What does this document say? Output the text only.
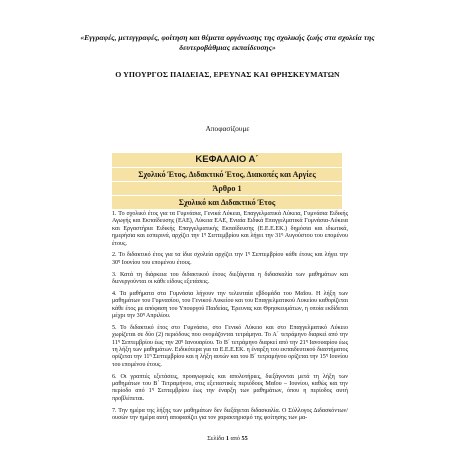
«Εγγραφές, μετεγγραφές, φοίτηση και θέματα οργάνωσης της σχολικής ζωής στα σχολεία της δευτεροβάθμιας εκπαίδευσης»
Ο ΥΠΟΥΡΓΟΣ ΠΑΙΔΕΙΑΣ, ΕΡΕΥΝΑΣ ΚΑΙ ΘΡΗΣΚΕΥΜΑΤΩΝ
Αποφασίζουμε
ΚΕΦΑΛΑΙΟ Α΄
Σχολικό Έτος, Διδακτικό Έτος, Διακοπές και Αργίες
Άρθρο 1
Σχολικό και Διδακτικό Έτος

1. Το σχολικό έτος για τα Γυμνάσια, Γενικά Λύκεια, Επαγγελματικά Λύκεια, Γυμνάσια Ειδικής Αγωγής και Εκπαίδευσης (ΕΑΕ), Λύκεια ΕΑΕ, Ενιαία Ειδικά Επαγγελματικά Γυμνάσια-Λύκεια και Εργαστήρια Ειδικής Επαγγελματικής Εκπαίδευσης (Ε.Ε.Ε.ΕΚ.) δημόσια και ιδιωτικά, ημερήσια και εσπερινά, αρχίζει την $1^\eta$ Σεπτεμβρίου και λήγει την $31^\eta$ Αυγούστου του επομένου έτους.

2. Το διδακτικό έτος για τα ίδια σχολεία αρχίζει την $1^\eta$ Σεπτεμβρίου κάθε έτους και λήγει την $30^\eta$ Ιουνίου του επομένου έτους.

3. Κατά τη διάρκεια του διδακτικού έτους διεξάγεται η διδασκαλία των μαθημάτων και διενεργούνται οι κάθε είδους εξετάσεις.

4. Τα μαθήματα στα Γυμνάσια λήγουν την τελευταία εβδομάδα του Μαΐου. Η λήξη των μαθημάτων του Γυμνασίου, του Γενικού Λυκείου και του Επαγγελματικού Λυκείου καθορίζεται κάθε έτος με απόφαση του Υπουργού Παιδείας, Έρευνας και Θρησκευμάτων, η οποία εκδίδεται μέχρι την $30^\eta$ Απριλίου.

5. Το διδακτικό έτος στο Γυμνάσιο, στο Γενικό Λύκειο και στο Επαγγελματικό Λύκειο χωρίζεται σε δύο (2) περιόδους που ονομάζονται τετράμηνα. Το Α΄ τετράμηνο διαρκεί από την $11^\eta$ Σεπτεμβρίου έως την $20^\eta$ Ιανουαρίου. Το Β΄ τετράμηνο διαρκεί από την $21^\eta$ Ιανουαρίου έως τη λήξη των μαθημάτων. Ειδικότερα για τα Ε.Ε.Ε.ΕΚ. η έναρξη του εκπαιδευτικού διαστήματος ορίζεται την $11^\eta$ Σεπτεμβρίου και η λήξη αυτών και του Β΄ τετραμήνου ορίζεται την $15^\eta$ Ιουνίου του επομένου έτους.

6. Οι γραπτές εξετάσεις, προαγωγικές και απολυτήριες, διεξάγονται μετά τη λήξη των μαθημάτων του Β΄ Τετραμήνου, στις εξεταστικές περιόδους Μαΐου – Ιουνίου, καθώς και την περίοδο από $1^\eta$ Σεπτεμβρίου έως την έναρξη των μαθημάτων, όπου η περίοδος αυτή προβλέπεται.

7. Την ημέρα της λήξης των μαθημάτων δεν διεξάγεται διδασκαλία. Ο Σύλλογος Διδασκόντων/ουσών την ημέρα αυτή αποφασίζει για τον χαρακτηρισμό της φοίτησης των μα-

Σελίδα 1 από 55
